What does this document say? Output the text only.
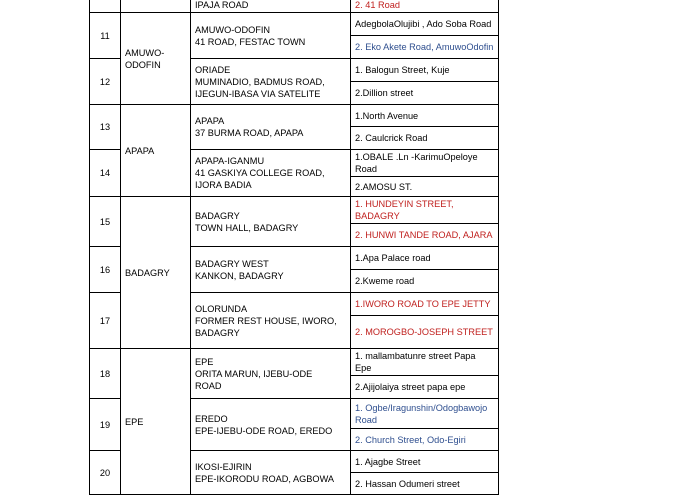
		IPAJA ROAD	2. 41 Road

11	AMUWO-
ODOFIN	AMUWO-ODOFIN
41 ROAD, FESTAC TOWN	AdegbolaOlujibi , Ado Soba Road

			2. Eko Akete Road, AmuwoOdofin

12		ORIADE
MUMINADIO, BADMUS ROAD,
IJEGUN-IBASA VIA SATELITE	1. Balogun Street, Kuje

			2.Dillion street

13	APAPA	APAPA
37 BURMA ROAD, APAPA	1.North Avenue

			2. Caulcrick Road

14		APAPA-IGANMU
41 GASKIYA COLLEGE ROAD,
IJORA BADIA	1.OBALE .Ln -KarimuOpeloye Road

			2.AMOSU ST.

15	BADAGRY	BADAGRY
TOWN HALL, BADAGRY	1. HUNDEYIN STREET, BADAGRY

			2. HUNWI TANDE ROAD, AJARA

16		BADAGRY WEST
KANKON, BADAGRY	1.Apa Palace road

			2.Kweme road

17		OLORUNDA
FORMER REST HOUSE, IWORO,
BADAGRY	1.IWORO ROAD TO EPE JETTY

			2. MOROGBO-JOSEPH STREET

18	EPE	EPE
ORITA MARUN, IJEBU-ODE
ROAD	1. mallambatunre street Papa Epe

			2.Ajijolaiya street papa epe

19		EREDO
EPE-IJEBU-ODE ROAD, EREDO	1. Ogbe/Iragunshin/Odogbawojo Road

			2. Church Street, Odo-Egiri

20		IKOSI-EJIRIN
EPE-IKORODU ROAD, AGBOWA	1. Ajagbe Street

			2. Hassan Odumeri street
